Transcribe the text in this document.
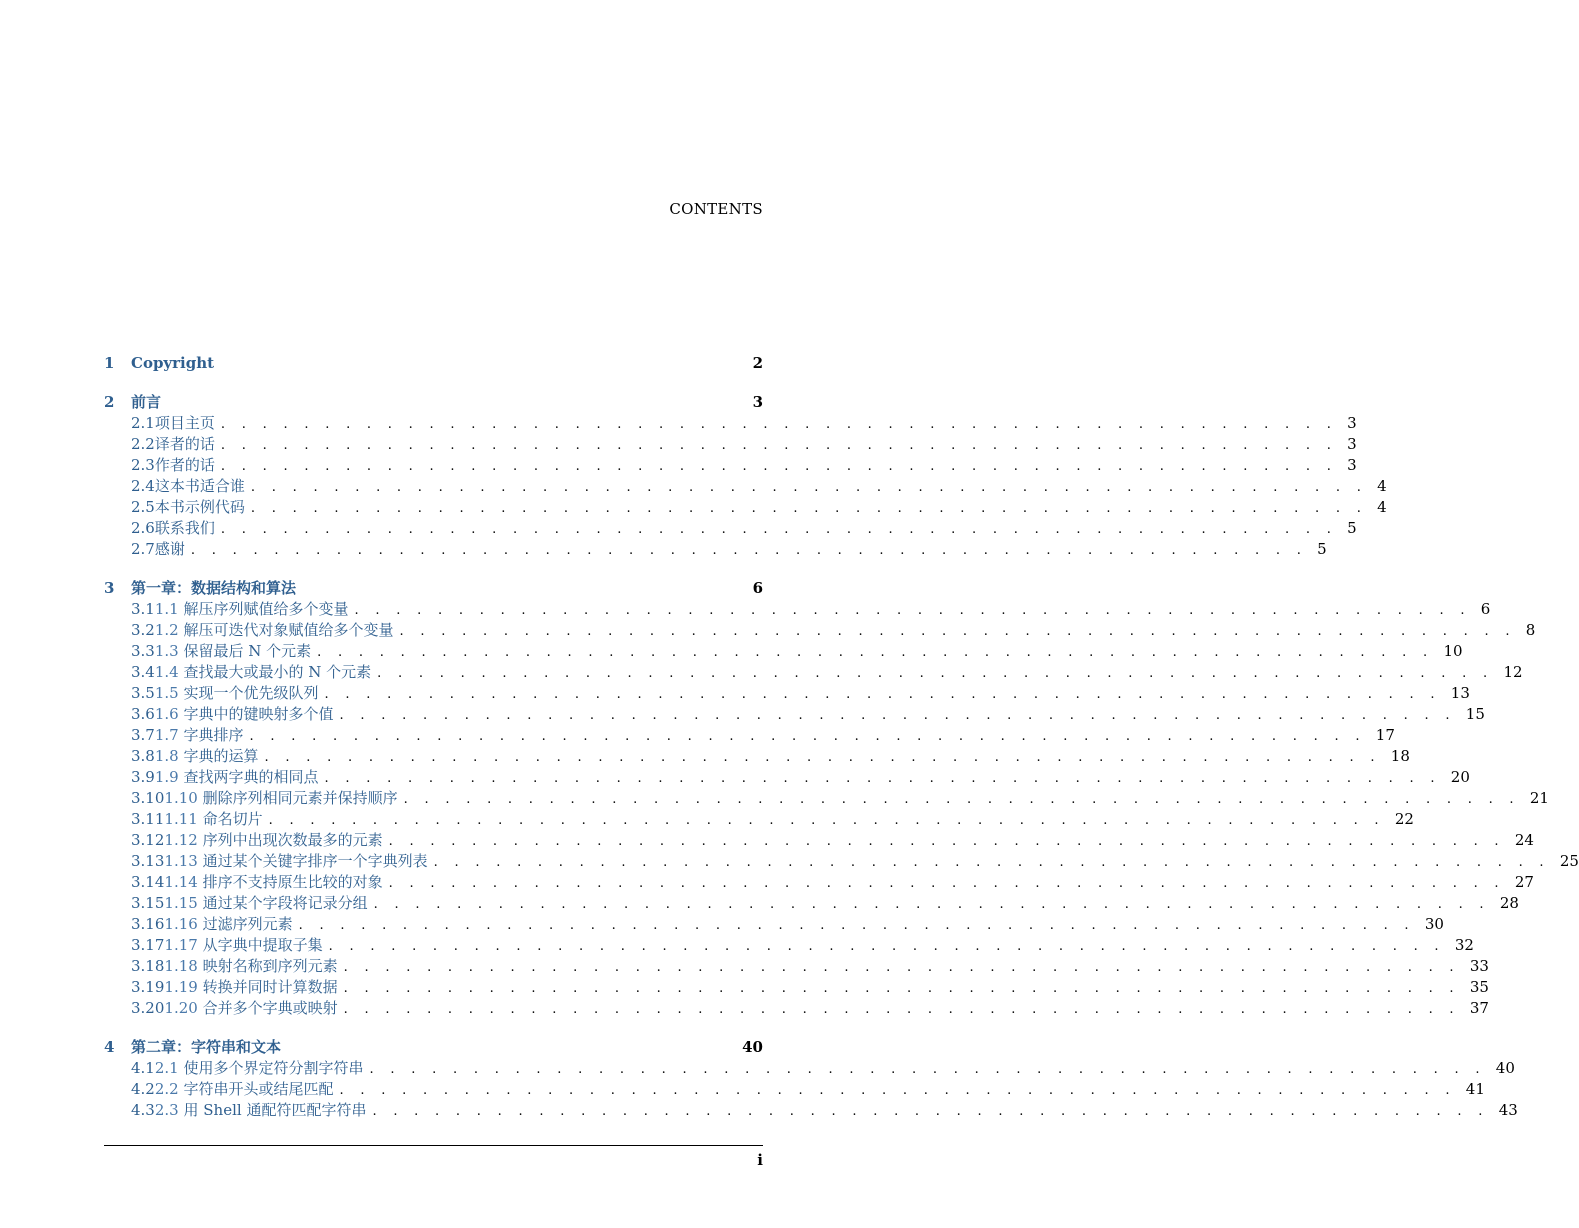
CONTENTS
1	Copyright	2
2	前言	3
2.1 项目主页 . . . . . . . . . . . . . . . . . . . . . . . . . . . . . . . . . . . . . . . . . . . . . . . . . . . . . . 3
2.2 译者的话 . . . . . . . . . . . . . . . . . . . . . . . . . . . . . . . . . . . . . . . . . . . . . . . . . . . . . . 3
2.3 作者的话 . . . . . . . . . . . . . . . . . . . . . . . . . . . . . . . . . . . . . . . . . . . . . . . . . . . . . . 3
2.4 这本书适合谁 . . . . . . . . . . . . . . . . . . . . . . . . . . . . . . . . . . . . . . . . . . . . . . . . . . . . . . 4
2.5 本书示例代码 . . . . . . . . . . . . . . . . . . . . . . . . . . . . . . . . . . . . . . . . . . . . . . . . . . . . . . 4
2.6 联系我们 . . . . . . . . . . . . . . . . . . . . . . . . . . . . . . . . . . . . . . . . . . . . . . . . . . . . . . 5
2.7 感谢 . . . . . . . . . . . . . . . . . . . . . . . . . . . . . . . . . . . . . . . . . . . . . . . . . . . . . . 5
3	第一章：数据结构和算法	6
3.1 1.1 解压序列赋值给多个变量 . . . . . . . . . . . . . . . . . . . . . . . . . . . . . . . . . . . . . . . . . . . . . . . . . . . . . . 6
3.2 1.2 解压可迭代对象赋值给多个变量 . . . . . . . . . . . . . . . . . . . . . . . . . . . . . . . . . . . . . . . . . . . . . . . . . . . . . . 8
3.3 1.3 保留最后 N 个元素 . . . . . . . . . . . . . . . . . . . . . . . . . . . . . . . . . . . . . . . . . . . . . . . . . . . . . . 10
3.4 1.4 查找最大或最小的 N 个元素 . . . . . . . . . . . . . . . . . . . . . . . . . . . . . . . . . . . . . . . . . . . . . . . . . . . . . . 12
3.5 1.5 实现一个优先级队列 . . . . . . . . . . . . . . . . . . . . . . . . . . . . . . . . . . . . . . . . . . . . . . . . . . . . . . 13
3.6 1.6 字典中的键映射多个值 . . . . . . . . . . . . . . . . . . . . . . . . . . . . . . . . . . . . . . . . . . . . . . . . . . . . . . 15
3.7 1.7 字典排序 . . . . . . . . . . . . . . . . . . . . . . . . . . . . . . . . . . . . . . . . . . . . . . . . . . . . . . 17
3.8 1.8 字典的运算 . . . . . . . . . . . . . . . . . . . . . . . . . . . . . . . . . . . . . . . . . . . . . . . . . . . . . . 18
3.9 1.9 查找两字典的相同点 . . . . . . . . . . . . . . . . . . . . . . . . . . . . . . . . . . . . . . . . . . . . . . . . . . . . . . 20
3.10 1.10 删除序列相同元素并保持顺序 . . . . . . . . . . . . . . . . . . . . . . . . . . . . . . . . . . . . . . . . . . . . . . . . . . . . . . 21
3.11 1.11 命名切片 . . . . . . . . . . . . . . . . . . . . . . . . . . . . . . . . . . . . . . . . . . . . . . . . . . . . . . 22
3.12 1.12 序列中出现次数最多的元素 . . . . . . . . . . . . . . . . . . . . . . . . . . . . . . . . . . . . . . . . . . . . . . . . . . . . . . 24
3.13 1.13 通过某个关键字排序一个字典列表 . . . . . . . . . . . . . . . . . . . . . . . . . . . . . . . . . . . . . . . . . . . . . . . . . . . . . . 25
3.14 1.14 排序不支持原生比较的对象 . . . . . . . . . . . . . . . . . . . . . . . . . . . . . . . . . . . . . . . . . . . . . . . . . . . . . . 27
3.15 1.15 通过某个字段将记录分组 . . . . . . . . . . . . . . . . . . . . . . . . . . . . . . . . . . . . . . . . . . . . . . . . . . . . . . 28
3.16 1.16 过滤序列元素 . . . . . . . . . . . . . . . . . . . . . . . . . . . . . . . . . . . . . . . . . . . . . . . . . . . . . . 30
3.17 1.17 从字典中提取子集 . . . . . . . . . . . . . . . . . . . . . . . . . . . . . . . . . . . . . . . . . . . . . . . . . . . . . . 32
3.18 1.18 映射名称到序列元素 . . . . . . . . . . . . . . . . . . . . . . . . . . . . . . . . . . . . . . . . . . . . . . . . . . . . . . 33
3.19 1.19 转换并同时计算数据 . . . . . . . . . . . . . . . . . . . . . . . . . . . . . . . . . . . . . . . . . . . . . . . . . . . . . . 35
3.20 1.20 合并多个字典或映射 . . . . . . . . . . . . . . . . . . . . . . . . . . . . . . . . . . . . . . . . . . . . . . . . . . . . . . 37
4	第二章：字符串和文本	40
4.1 2.1 使用多个界定符分割字符串 . . . . . . . . . . . . . . . . . . . . . . . . . . . . . . . . . . . . . . . . . . . . . . . . . . . . . . 40
4.2 2.2 字符串开头或结尾匹配 . . . . . . . . . . . . . . . . . . . . . . . . . . . . . . . . . . . . . . . . . . . . . . . . . . . . . . 41
4.3 2.3 用 Shell 通配符匹配字符串 . . . . . . . . . . . . . . . . . . . . . . . . . . . . . . . . . . . . . . . . . . . . . . . . . . . . . . 43
i
